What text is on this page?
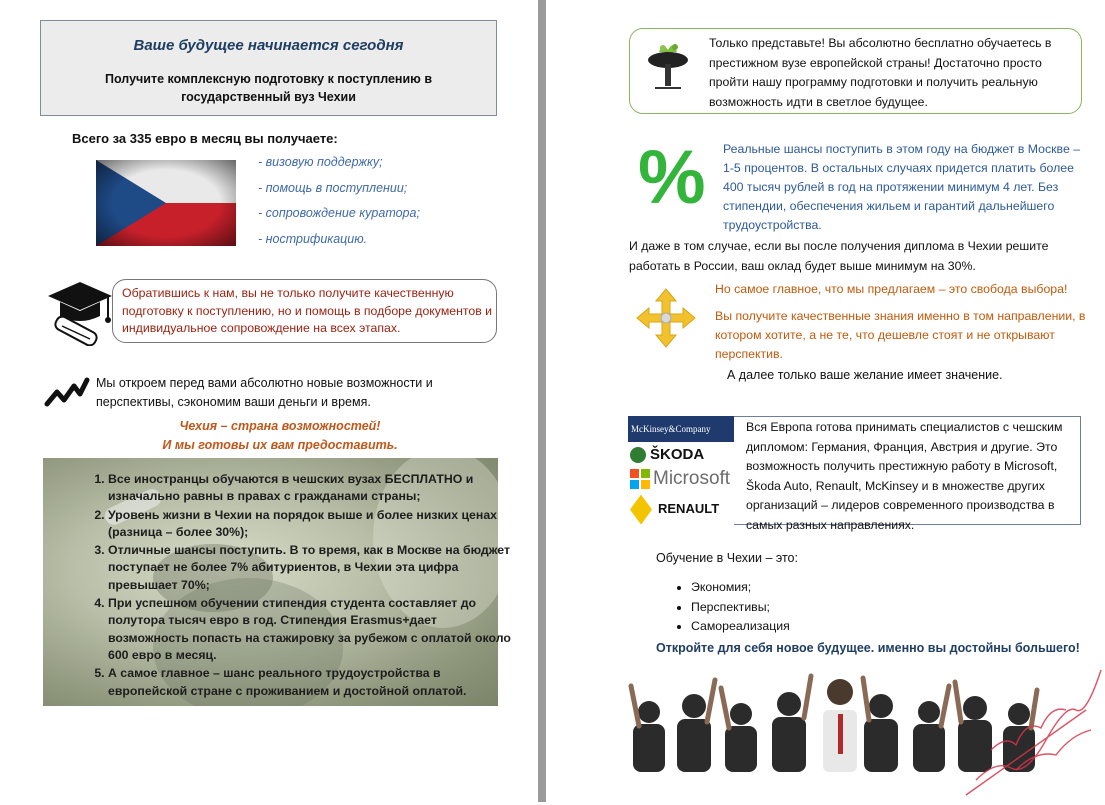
Ваше будущее начинается сегодня
Получите комплексную подготовку к поступлению в государственный вуз Чехии
Всего за 335 евро в месяц вы получаете:
- визовую поддержку;
- помощь в поступлении;
- сопровождение куратора;
- нострификацию.
Обратившись к нам, вы не только получите качественную подготовку к поступлению, но и помощь в подборе документов и индивидуальное сопровождение на всех этапах.
Мы откроем перед вами абсолютно новые возможности и перспективы, сэкономим ваши деньги и время.
Чехия – страна возможностей!
И мы готовы их вам предоставить.
1. Все иностранцы обучаются в чешских вузах БЕСПЛАТНО и изначально равны в правах с гражданами страны;
2. Уровень жизни в Чехии на порядок выше и более низких ценах (разница – более 30%);
3. Отличные шансы поступить. В то время, как в Москве на бюджет поступает не более 7% абитуриентов, в Чехии эта цифра превышает 70%;
4. При успешном обучении стипендия студента составляет до полутора тысяч евро в год. Стипендия Erasmus+дает возможность попасть на стажировку за рубежом с оплатой около 600 евро в месяц.
5. А самое главное – шанс реального трудоустройства в европейской стране с проживанием и достойной оплатой.
Только представьте! Вы абсолютно бесплатно обучаетесь в престижном вузе европейской страны! Достаточно просто пройти нашу программу подготовки и получить реальную возможность идти в светлое будущее.
% Реальные шансы поступить в этом году на бюджет в Москве – 1-5 процентов. В остальных случаях придется платить более 400 тысяч рублей в год на протяжении минимум 4 лет. Без стипендии, обеспечения жильем и гарантий дальнейшего трудоустройства.
И даже в том случае, если вы после получения диплома в Чехии решите работать в России, ваш оклад будет выше минимум на 30%.

Но самое главное, что мы предлагаем – это свобода выбора!

Вы получите качественные знания именно в том направлении, в котором хотите, а не те, что дешевле стоят и не открывают перспектив.

А далее только ваше желание имеет значение.
McKinsey&Company
ŠKODA
Microsoft
RENAULT
Вся Европа готова принимать специалистов с чешским дипломом: Германия, Франция, Австрия и другие. Это возможность получить престижную работу в Microsoft, Škoda Auto, Renault, McKinsey и в множестве других организаций – лидеров современного производства в самых разных направлениях.
Обучение в Чехии – это:
• Экономия;
• Перспективы;
• Самореализация
Откройте для себя новое будущее. именно вы достойны большего!
